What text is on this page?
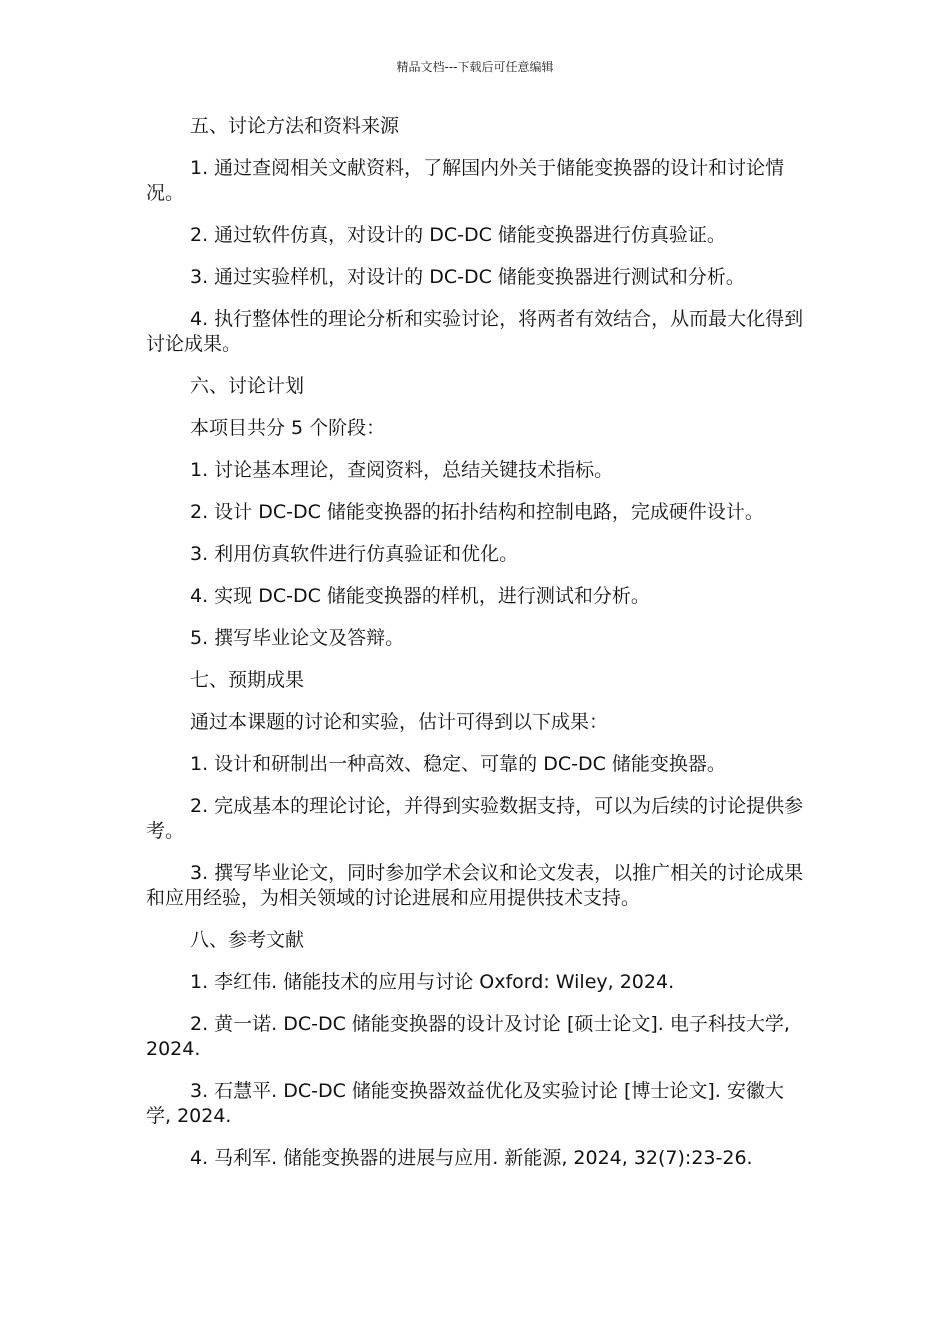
精品文档---下载后可任意编辑

五、讨论方法和资料来源

1. 通过查阅相关文献资料，了解国内外关于储能变换器的设计和讨论情况。

2. 通过软件仿真，对设计的 DC-DC 储能变换器进行仿真验证。

3. 通过实验样机，对设计的 DC-DC 储能变换器进行测试和分析。

4. 执行整体性的理论分析和实验讨论，将两者有效结合，从而最大化得到讨论成果。

六、讨论计划

本项目共分 5 个阶段：

1. 讨论基本理论，查阅资料，总结关键技术指标。

2. 设计 DC-DC 储能变换器的拓扑结构和控制电路，完成硬件设计。

3. 利用仿真软件进行仿真验证和优化。

4. 实现 DC-DC 储能变换器的样机，进行测试和分析。

5. 撰写毕业论文及答辩。

七、预期成果

通过本课题的讨论和实验，估计可得到以下成果：

1. 设计和研制出一种高效、稳定、可靠的 DC-DC 储能变换器。

2. 完成基本的理论讨论，并得到实验数据支持，可以为后续的讨论提供参考。

3. 撰写毕业论文，同时参加学术会议和论文发表，以推广相关的讨论成果和应用经验，为相关领域的讨论进展和应用提供技术支持。

八、参考文献

1. 李红伟. 储能技术的应用与讨论 Oxford: Wiley, 2024.

2. 黄一诺. DC-DC 储能变换器的设计及讨论 [硕士论文]. 电子科技大学, 2024.

3. 石慧平. DC-DC 储能变换器效益优化及实验讨论 [博士论文]. 安徽大学, 2024.

4. 马利军. 储能变换器的进展与应用. 新能源, 2024, 32(7):23-26.
